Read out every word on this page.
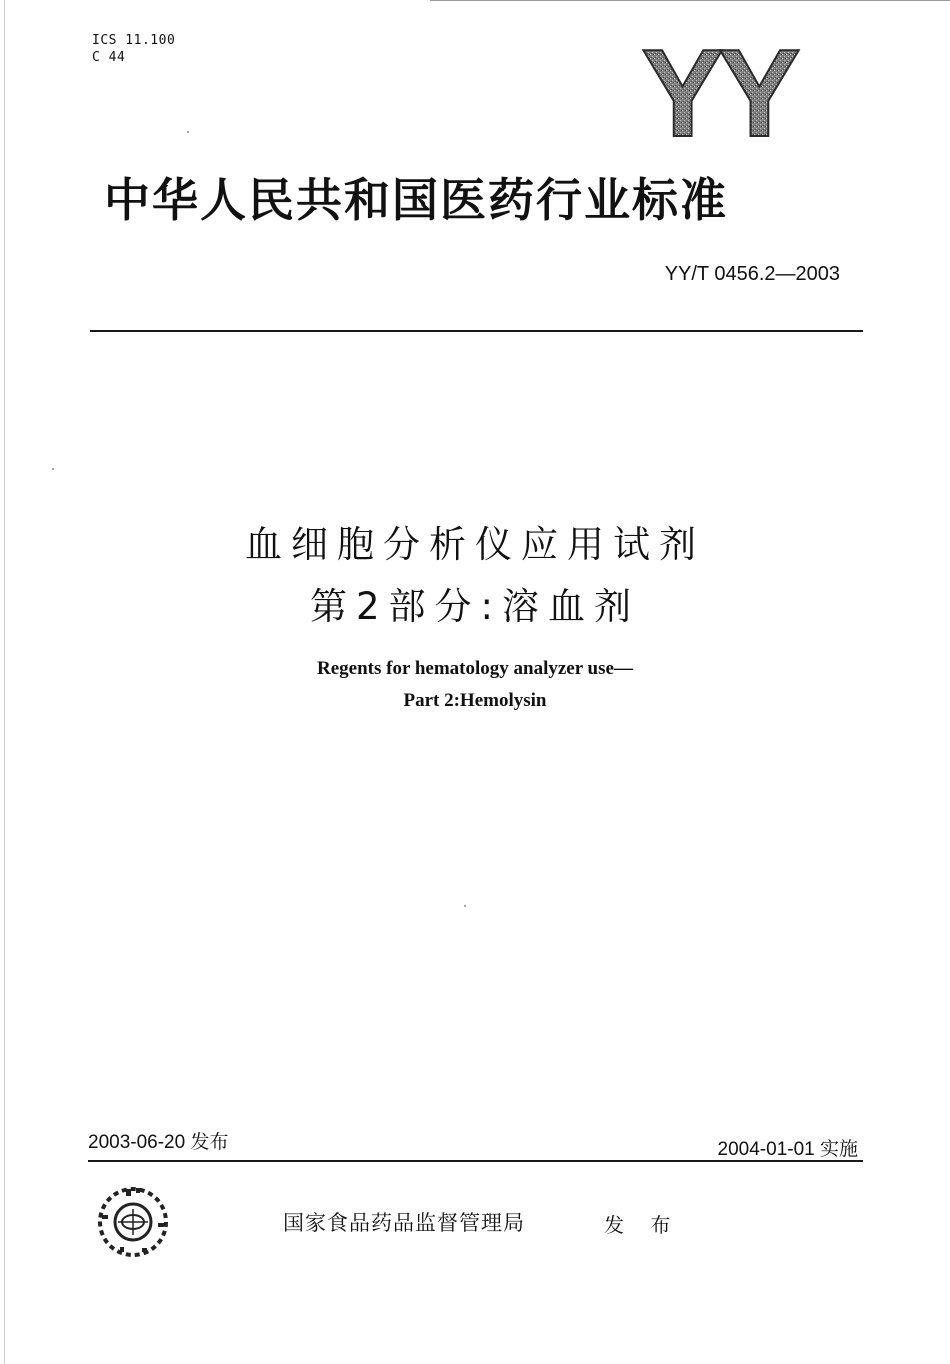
ICS 11.100
C 44	YY
中华人民共和国医药行业标准
YY/T 0456.2—2003
血细胞分析仪应用试剂
第2部分:溶血剂
Regents for hematology analyzer use—
Part 2:Hemolysin
2003-06-20 发布	2004-01-01 实施
国家食品药品监督管理局	发 布
